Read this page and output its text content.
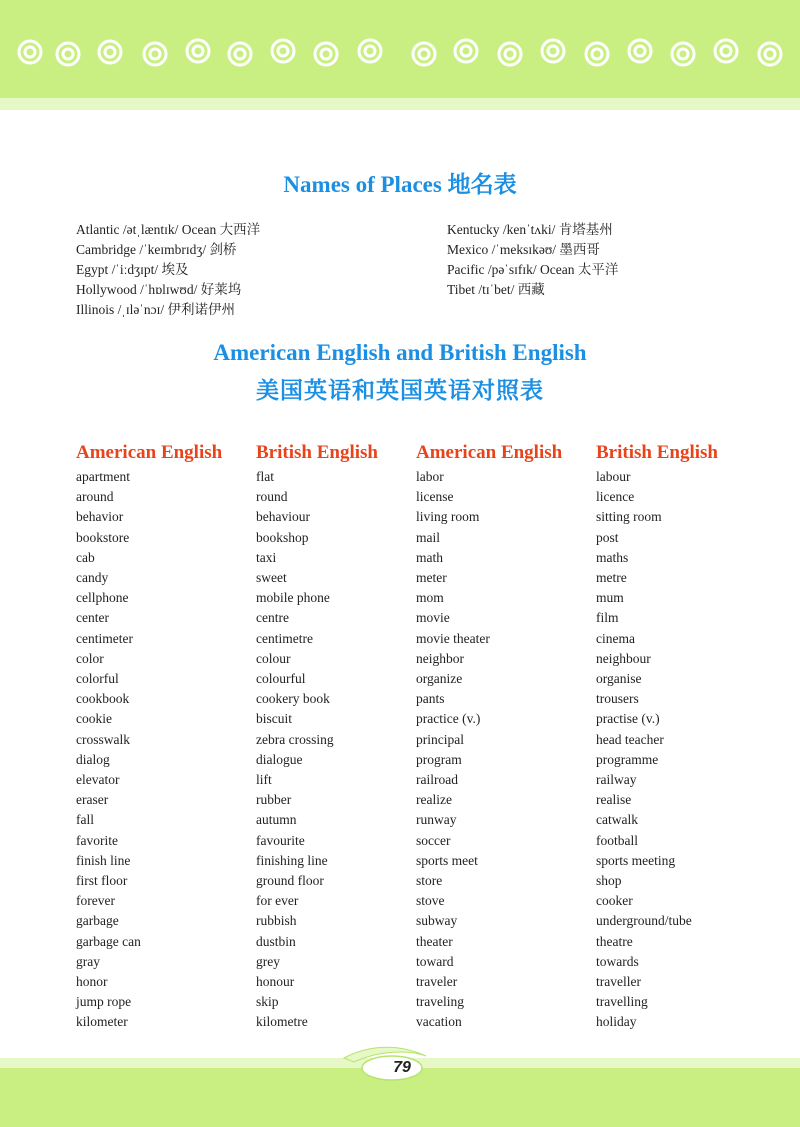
Names of Places 地名表
Atlantic /ətˌlæntɪk/ Ocean 大西洋
Cambridge /ˈkeɪmbrɪdʒ/ 剑桥
Egypt /ˈiːdʒɪpt/ 埃及
Hollywood /ˈhɒlɪwʊd/ 好莱坞
Illinois /ˌɪləˈnɔɪ/ 伊利诺伊州
Kentucky /kenˈtʌki/ 肯塔基州
Mexico /ˈmeksɪkəʊ/ 墨西哥
Pacific /pəˈsɪfɪk/ Ocean 太平洋
Tibet /tɪˈbet/ 西藏
American English and British English
美国英语和英国英语对照表
American English
apartment
around
behavior
bookstore
cab
candy
cellphone
center
centimeter
color
colorful
cookbook
cookie
crosswalk
dialog
elevator
eraser
fall
favorite
finish line
first floor
forever
garbage
garbage can
gray
honor
jump rope
kilometer
British English
flat
round
behaviour
bookshop
taxi
sweet
mobile phone
centre
centimetre
colour
colourful
cookery book
biscuit
zebra crossing
dialogue
lift
rubber
autumn
favourite
finishing line
ground floor
for ever
rubbish
dustbin
grey
honour
skip
kilometre
American English
labor
license
living room
mail
math
meter
mom
movie
movie theater
neighbor
organize
pants
practice (v.)
principal
program
railroad
realize
runway
soccer
sports meet
store
stove
subway
theater
toward
traveler
traveling
vacation
British English
labour
licence
sitting room
post
maths
metre
mum
film
cinema
neighbour
organise
trousers
practise (v.)
head teacher
programme
railway
realise
catwalk
football
sports meeting
shop
cooker
underground/tube
theatre
towards
traveller
travelling
holiday
79
